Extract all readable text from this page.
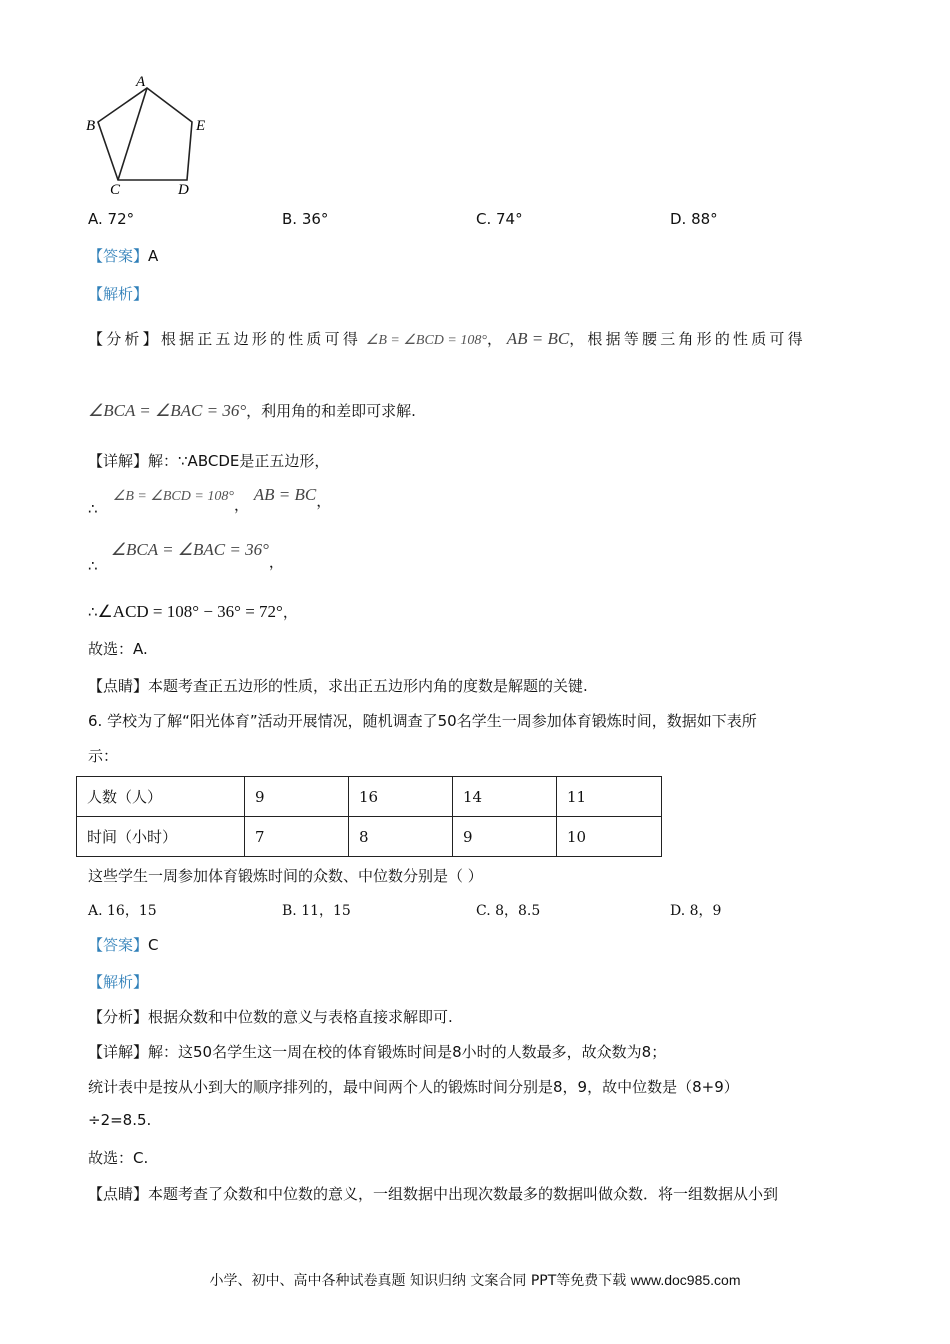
A
B	E
C	D
A. 72°	B. 36°	C. 74°	D. 88°
【答案】A
【解析】
【分析】根据正五边形的性质可得 ∠B = ∠BCD = 108°， AB = BC，根据等腰三角形的性质可得
∠BCA = ∠BAC = 36°，利用角的和差即可求解.
【详解】解：∵ABCDE是正五边形，
∴ ∠B = ∠BCD = 108°， AB = BC，
∴ ∠BCA = ∠BAC = 36°，
∴∠ACD = 108° − 36° = 72°，
故选：A.
【点睛】本题考查正五边形的性质，求出正五边形内角的度数是解题的关键.
6. 学校为了解“阳光体育”活动开展情况，随机调查了50名学生一周参加体育锻炼时间，数据如下表所
示：
人数（人）	9	16	14	11
时间（小时）	7	8	9	10
这些学生一周参加体育锻炼时间的众数、中位数分别是（ ）
A. 16，15	B. 11，15	C. 8，8.5	D. 8，9
【答案】C
【解析】
【分析】根据众数和中位数的意义与表格直接求解即可.
【详解】解：这50名学生这一周在校的体育锻炼时间是8小时的人数最多，故众数为8；
统计表中是按从小到大的顺序排列的，最中间两个人的锻炼时间分别是8，9，故中位数是（8+9）
÷2=8.5.
故选：C.
【点睛】本题考查了众数和中位数的意义，一组数据中出现次数最多的数据叫做众数．将一组数据从小到
小学、初中、高中各种试卷真题 知识归纳 文案合同 PPT等免费下载 www.doc985.com
